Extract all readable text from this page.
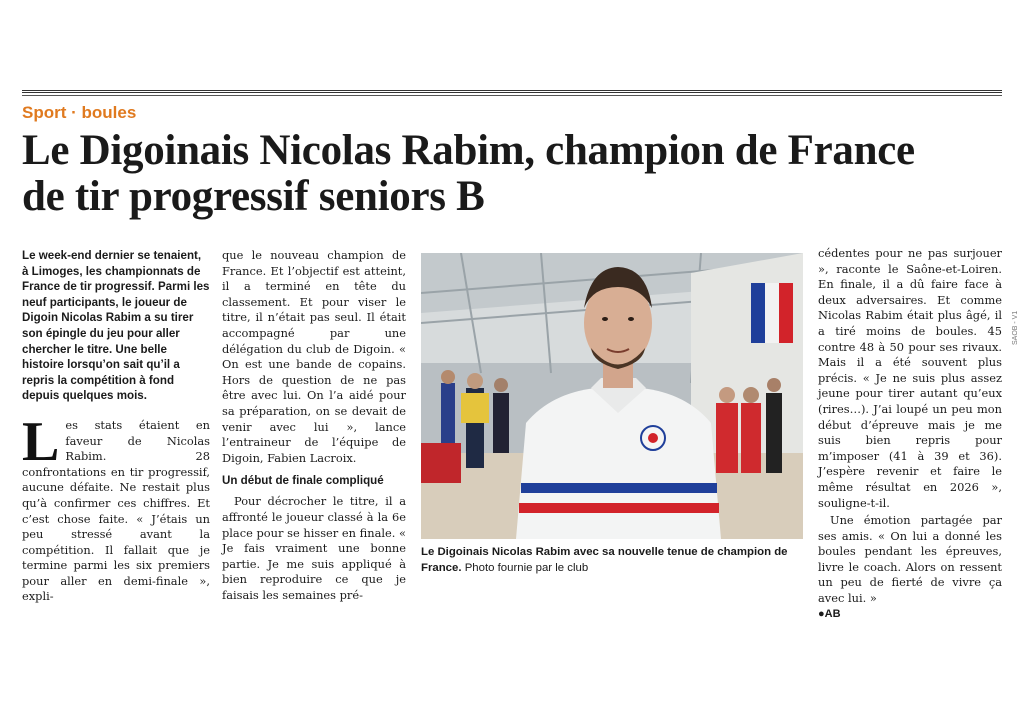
Sport · boules
Le Digoinais Nicolas Rabim, champion de France
de tir progressif seniors B

Le week-end dernier se tenaient, à Limoges, les championnats de France de tir progressif. Parmi les neuf participants, le joueur de Digoin Nicolas Rabim a su tirer son épingle du jeu pour aller chercher le titre. Une belle histoire lorsqu’on sait qu’il a repris la compétition à fond depuis quelques mois.

Les stats étaient en faveur de Nicolas Rabim. 28 confrontations en tir progressif, aucune défaite. Ne restait plus qu’à confirmer ces chiffres. Et c’est chose faite. « J’étais un peu stressé avant la compétition. Il fallait que je termine parmi les six premiers pour aller en demi-finale », expli-

que le nouveau champion de France. Et l’objectif est atteint, il a terminé en tête du classement. Et pour viser le titre, il n’était pas seul. Il était accompagné par une délégation du club de Digoin. « On est une bande de copains. Hors de question de ne pas être avec lui. On l’a aidé pour sa préparation, on se devait de venir avec lui », lance l’entraineur de l’équipe de Digoin, Fabien Lacroix.

Un début de finale compliqué

Pour décrocher le titre, il a affronté le joueur classé à la 6e place pour se hisser en finale. « Je fais vraiment une bonne partie. Je me suis appliqué à bien reproduire ce que je faisais les semaines pré-

Le Digoinais Nicolas Rabim avec sa nouvelle tenue de champion de France. Photo fournie par le club

cédentes pour ne pas surjouer », raconte le Saône-et-Loiren. En finale, il a dû faire face à deux adversaires. Et comme Nicolas Rabim était plus âgé, il a tiré moins de boules. 45 contre 48 à 50 pour ses rivaux. Mais il a été souvent plus précis. « Je ne suis plus assez jeune pour tirer autant qu’eux (rires…). J’ai loupé un peu mon début d’épreuve mais je me suis bien repris pour m’imposer (41 à 39 et 36). J’espère revenir et faire le même résultat en 2026 », souligne-t-il.

Une émotion partagée par ses amis. « On lui a donné les boules pendant les épreuves, livre le coach. Alors on ressent un peu de fierté de vivre ça avec lui. »

●AB

SAOB - V1
